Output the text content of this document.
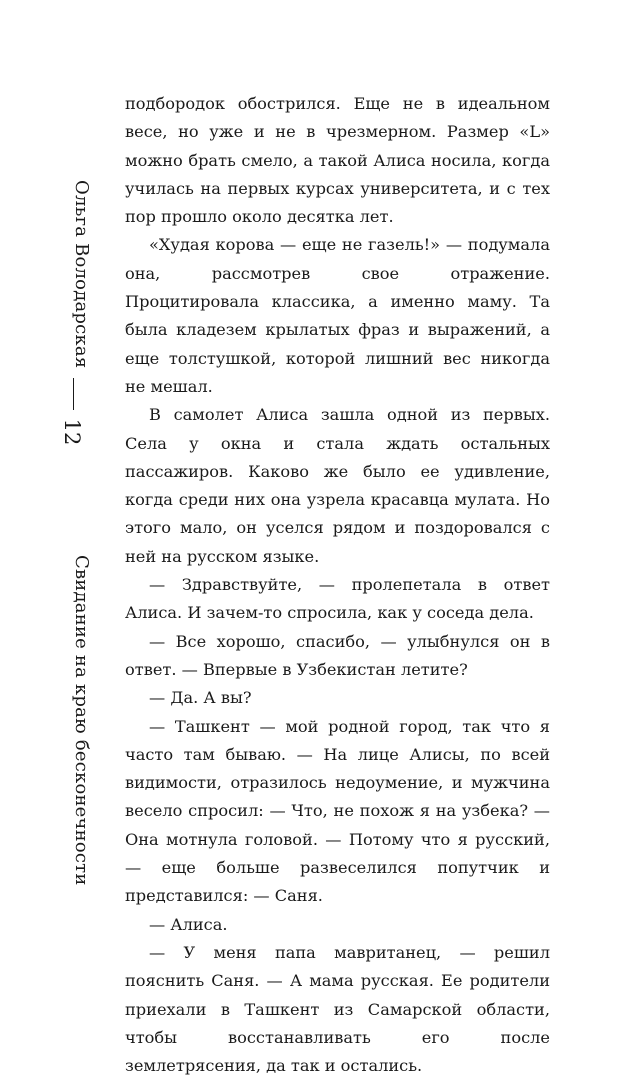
Ольга Володарская
12
Свидание на краю бесконечности

подбородок обострился. Еще не в идеальном весе, но уже и не в чрезмерном. Размер «L» можно брать смело, а такой Алиса носила, когда училась на первых курсах университета, и с тех пор прошло около десятка лет.

«Худая корова — еще не газель!» — подумала она, рассмотрев свое отражение. Процитировала классика, а именно маму. Та была кладезем крылатых фраз и выражений, а еще толстушкой, которой лишний вес никогда не мешал.

В самолет Алиса зашла одной из первых. Села у окна и стала ждать остальных пассажиров. Каково же было ее удивление, когда среди них она узрела красавца мулата. Но этого мало, он уселся рядом и поздоровался с ней на русском языке.

— Здравствуйте, — пролепетала в ответ Алиса. И зачем-то спросила, как у соседа дела.

— Все хорошо, спасибо, — улыбнулся он в ответ. — Впервые в Узбекистан летите?

— Да. А вы?

— Ташкент — мой родной город, так что я часто там бываю. — На лице Алисы, по всей видимости, отразилось недоумение, и мужчина весело спросил: — Что, не похож я на узбека? — Она мотнула головой. — Потому что я русский, — еще больше развеселился попутчик и представился: — Саня.

— Алиса.

— У меня папа мавританец, — решил пояснить Саня. — А мама русская. Ее родители приехали в Ташкент из Самарской области, чтобы восстанавливать его после землетрясения, да так и остались.
